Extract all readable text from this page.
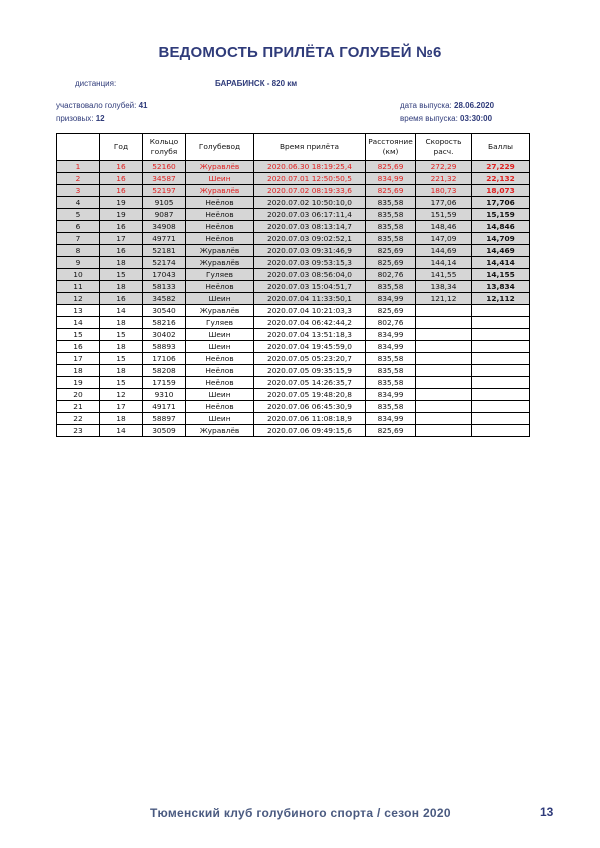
ВЕДОМОСТЬ ПРИЛЁТА ГОЛУБЕЙ №6
дистанция:	БАРАБИНСК - 820 км
участвовало голубей: 41
призовых: 12
дата выпуска: 28.06.2020
время выпуска: 03:30:00
	Год	Кольцо голубя	Голубевод	Время прилёта	Расстояние (км)	Скорость расч.	Баллы
1	16	52160	Журавлёв	2020.06.30 18:19:25,4	825,69	272,29	27,229
2	16	34587	Шеин	2020.07.01 12:50:50,5	834,99	221,32	22,132
3	16	52197	Журавлёв	2020.07.02 08:19:33,6	825,69	180,73	18,073
4	19	9105	Неёлов	2020.07.02 10:50:10,0	835,58	177,06	17,706
5	19	9087	Неёлов	2020.07.03 06:17:11,4	835,58	151,59	15,159
6	16	34908	Неёлов	2020.07.03 08:13:14,7	835,58	148,46	14,846
7	17	49771	Неёлов	2020.07.03 09:02:52,1	835,58	147,09	14,709
8	16	52181	Журавлёв	2020.07.03 09:31:46,9	825,69	144,69	14,469
9	18	52174	Журавлёв	2020.07.03 09:53:15,3	825,69	144,14	14,414
10	15	17043	Гуляев	2020.07.03 08:56:04,0	802,76	141,55	14,155
11	18	58133	Неёлов	2020.07.03 15:04:51,7	835,58	138,34	13,834
12	16	34582	Шеин	2020.07.04 11:33:50,1	834,99	121,12	12,112
13	14	30540	Журавлёв	2020.07.04 10:21:03,3	825,69		
14	18	58216	Гуляев	2020.07.04 06:42:44,2	802,76		
15	15	30402	Шеин	2020.07.04 13:51:18,3	834,99		
16	18	58893	Шеин	2020.07.04 19:45:59,0	834,99		
17	15	17106	Неёлов	2020.07.05 05:23:20,7	835,58		
18	18	58208	Неёлов	2020.07.05 09:35:15,9	835,58		
19	15	17159	Неёлов	2020.07.05 14:26:35,7	835,58		
20	12	9310	Шеин	2020.07.05 19:48:20,8	834,99		
21	17	49171	Неёлов	2020.07.06 06:45:30,9	835,58		
22	18	58897	Шеин	2020.07.06 11:08:18,9	834,99		
23	14	30509	Журавлёв	2020.07.06 09:49:15,6	825,69		
Тюменский клуб голубиного спорта / сезон 2020	13
